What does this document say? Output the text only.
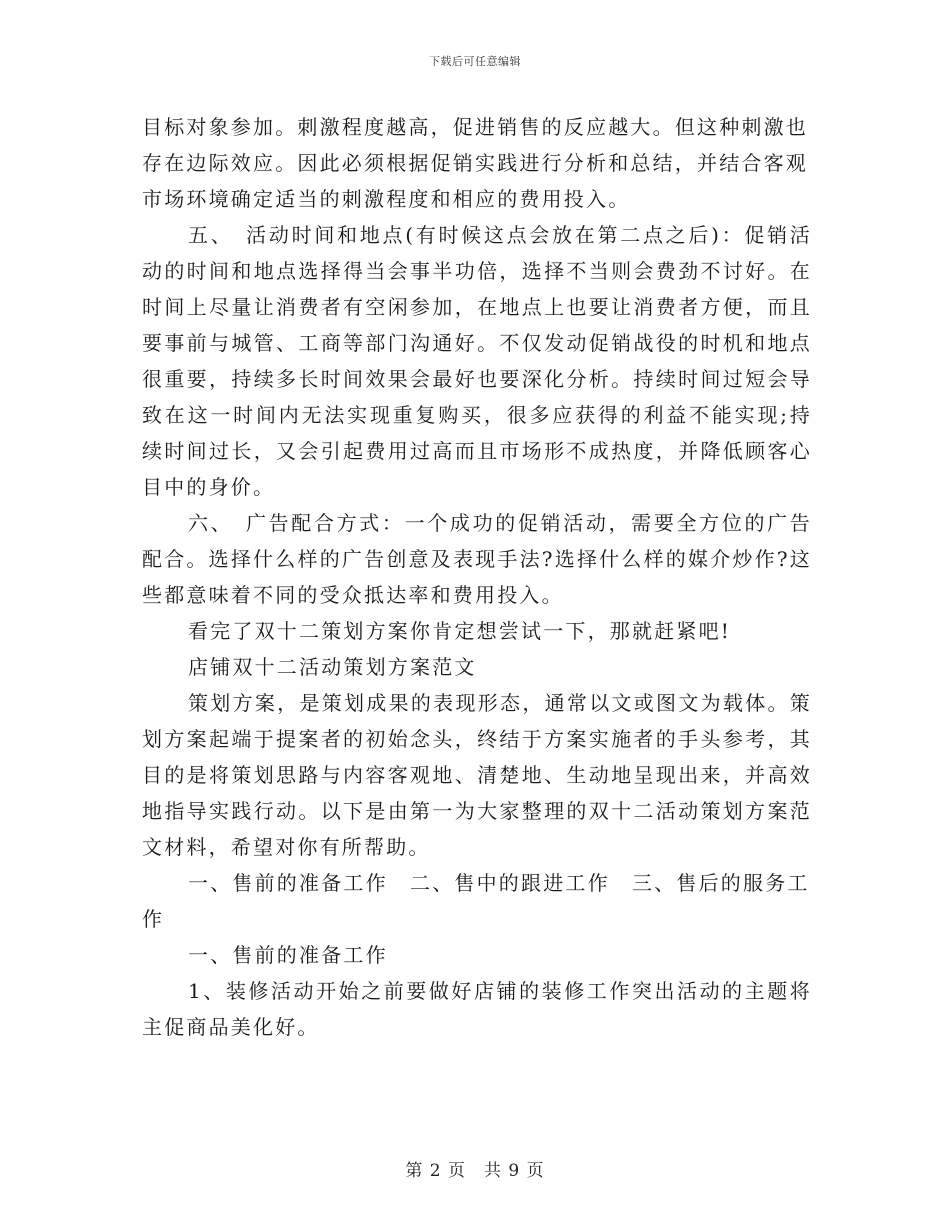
下载后可任意编辑

目标对象参加。刺激程度越高，促进销售的反应越大。但这种刺激也存在边际效应。因此必须根据促销实践进行分析和总结，并结合客观市场环境确定适当的刺激程度和相应的费用投入。

五、　活动时间和地点(有时候这点会放在第二点之后)：促销活动的时间和地点选择得当会事半功倍，选择不当则会费劲不讨好。在时间上尽量让消费者有空闲参加，在地点上也要让消费者方便，而且要事前与城管、工商等部门沟通好。不仅发动促销战役的时机和地点很重要，持续多长时间效果会最好也要深化分析。持续时间过短会导致在这一时间内无法实现重复购买，很多应获得的利益不能实现;持续时间过长，又会引起费用过高而且市场形不成热度，并降低顾客心目中的身价。

六、　广告配合方式：一个成功的促销活动，需要全方位的广告配合。选择什么样的广告创意及表现手法?选择什么样的媒介炒作?这些都意味着不同的受众抵达率和费用投入。

看完了双十二策划方案你肯定想尝试一下，那就赶紧吧!

店铺双十二活动策划方案范文

策划方案，是策划成果的表现形态，通常以文或图文为载体。策划方案起端于提案者的初始念头，终结于方案实施者的手头参考，其目的是将策划思路与内容客观地、清楚地、生动地呈现出来，并高效地指导实践行动。以下是由第一为大家整理的双十二活动策划方案范文材料，希望对你有所帮助。

一、售前的准备工作　二、售中的跟进工作　三、售后的服务工作

一、售前的准备工作

1、装修活动开始之前要做好店铺的装修工作突出活动的主题将主促商品美化好。

第 2 页　共 9 页
